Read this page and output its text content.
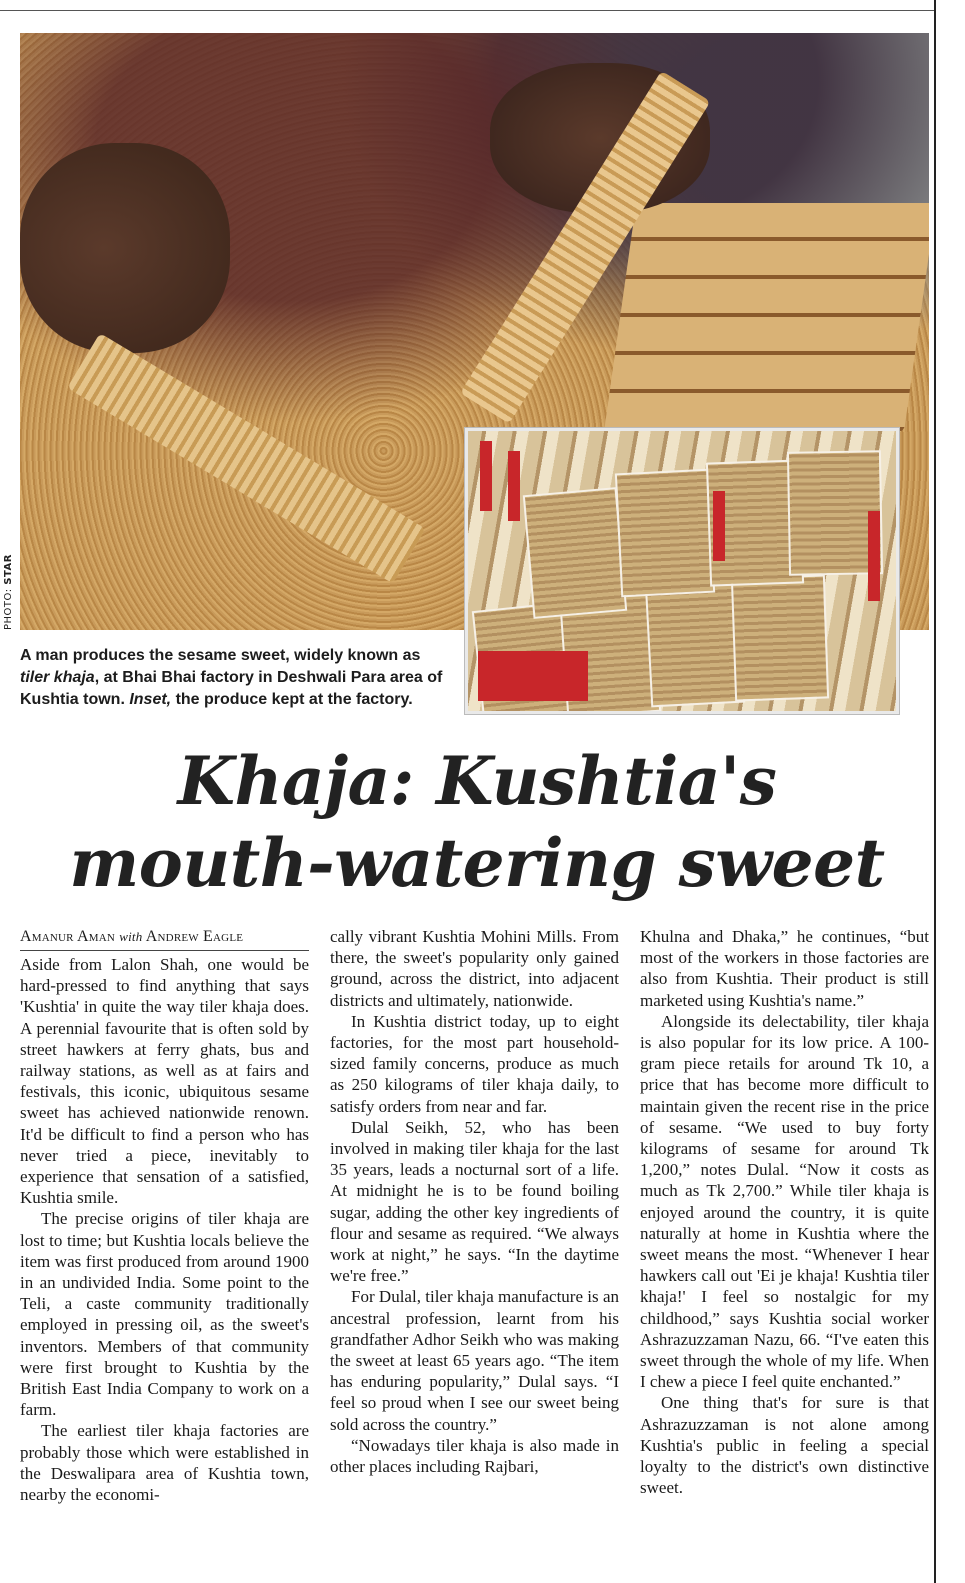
PHOTO: STAR
A man produces the sesame sweet, widely known as tiler khaja, at Bhai Bhai factory in Deshwali Para area of Kushtia town. Inset, the produce kept at the factory.
Khaja: Kushtia's
mouth-watering sweet
Amanur Aman with Andrew Eagle

Aside from Lalon Shah, one would be hard-pressed to find anything that says 'Kushtia' in quite the way tiler khaja does. A perennial favourite that is often sold by street hawkers at ferry ghats, bus and railway stations, as well as at fairs and festivals, this iconic, ubiquitous sesame sweet has achieved nationwide renown. It'd be difficult to find a person who has never tried a piece, inevitably to experience that sensation of a satisfied, Kushtia smile.

The precise origins of tiler khaja are lost to time; but Kushtia locals believe the item was first produced from around 1900 in an undivided India. Some point to the Teli, a caste community traditionally employed in pressing oil, as the sweet's inventors. Members of that community were first brought to Kushtia by the British East India Company to work on a farm.

The earliest tiler khaja factories are probably those which were established in the Deswalipara area of Kushtia town, nearby the economi-

cally vibrant Kushtia Mohini Mills. From there, the sweet's popularity only gained ground, across the district, into adjacent districts and ultimately, nationwide.

In Kushtia district today, up to eight factories, for the most part household-sized family concerns, produce as much as 250 kilograms of tiler khaja daily, to satisfy orders from near and far.

Dulal Seikh, 52, who has been involved in making tiler khaja for the last 35 years, leads a nocturnal sort of a life. At midnight he is to be found boiling sugar, adding the other key ingredients of flour and sesame as required. “We always work at night,” he says. “In the daytime we're free.”

For Dulal, tiler khaja manufacture is an ancestral profession, learnt from his grandfather Adhor Seikh who was making the sweet at least 65 years ago. “The item has enduring popularity,” Dulal says. “I feel so proud when I see our sweet being sold across the country.”

“Nowadays tiler khaja is also made in other places including Rajbari,

Khulna and Dhaka,” he continues, “but most of the workers in those factories are also from Kushtia. Their product is still marketed using Kushtia's name.”

Alongside its delectability, tiler khaja is also popular for its low price. A 100-gram piece retails for around Tk 10, a price that has become more difficult to maintain given the recent rise in the price of sesame. “We used to buy forty kilograms of sesame for around Tk 1,200,” notes Dulal. “Now it costs as much as Tk 2,700.” While tiler khaja is enjoyed around the country, it is quite naturally at home in Kushtia where the sweet means the most. “Whenever I hear hawkers call out 'Ei je khaja! Kushtia tiler khaja!' I feel so nostalgic for my childhood,” says Kushtia social worker Ashrazuzzaman Nazu, 66. “I've eaten this sweet through the whole of my life. When I chew a piece I feel quite enchanted.”

One thing that's for sure is that Ashrazuzzaman is not alone among Kushtia's public in feeling a special loyalty to the district's own distinctive sweet.
